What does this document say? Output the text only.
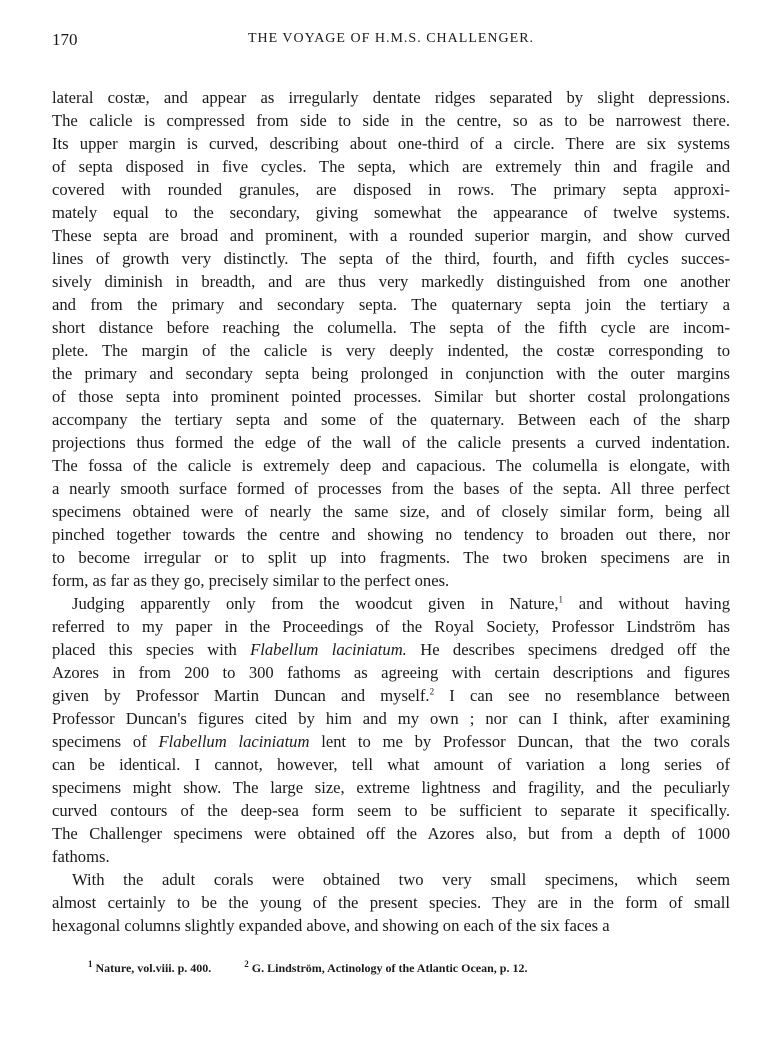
170	THE VOYAGE OF H.M.S. CHALLENGER.
lateral costæ, and appear as irregularly dentate ridges separated by slight depressions.
The calicle is compressed from side to side in the centre, so as to be narrowest there.
Its upper margin is curved, describing about one-third of a circle. There are six systems
of septa disposed in five cycles. The septa, which are extremely thin and fragile and
covered with rounded granules, are disposed in rows. The primary septa approxi-
mately equal to the secondary, giving somewhat the appearance of twelve systems.
These septa are broad and prominent, with a rounded superior margin, and show curved
lines of growth very distinctly. The septa of the third, fourth, and fifth cycles succes-
sively diminish in breadth, and are thus very markedly distinguished from one another
and from the primary and secondary septa. The quaternary septa join the tertiary a
short distance before reaching the columella. The septa of the fifth cycle are incom-
plete. The margin of the calicle is very deeply indented, the costæ corresponding to
the primary and secondary septa being prolonged in conjunction with the outer margins
of those septa into prominent pointed processes. Similar but shorter costal prolongations
accompany the tertiary septa and some of the quaternary. Between each of the sharp
projections thus formed the edge of the wall of the calicle presents a curved indentation.
The fossa of the calicle is extremely deep and capacious. The columella is elongate, with
a nearly smooth surface formed of processes from the bases of the septa. All three perfect
specimens obtained were of nearly the same size, and of closely similar form, being all
pinched together towards the centre and showing no tendency to broaden out there, nor
to become irregular or to split up into fragments. The two broken specimens are in
form, as far as they go, precisely similar to the perfect ones.
Judging apparently only from the woodcut given in Nature,$^1$ and without having
referred to my paper in the Proceedings of the Royal Society, Professor Lindström has
placed this species with Flabellum laciniatum. He describes specimens dredged off the
Azores in from 200 to 300 fathoms as agreeing with certain descriptions and figures
given by Professor Martin Duncan and myself.$^2$ I can see no resemblance between
Professor Duncan's figures cited by him and my own ; nor can I think, after examining
specimens of Flabellum laciniatum lent to me by Professor Duncan, that the two corals
can be identical. I cannot, however, tell what amount of variation a long series of
specimens might show. The large size, extreme lightness and fragility, and the peculiarly
curved contours of the deep-sea form seem to be sufficient to separate it specifically.
The Challenger specimens were obtained off the Azores also, but from a depth of 1000
fathoms.
With the adult corals were obtained two very small specimens, which seem
almost certainly to be the young of the present species. They are in the form of small
hexagonal columns slightly expanded above, and showing on each of the six faces a
$^1$ Nature, vol.viii. p. 400.	$^2$ G. Lindström, Actinology of the Atlantic Ocean, p. 12.
